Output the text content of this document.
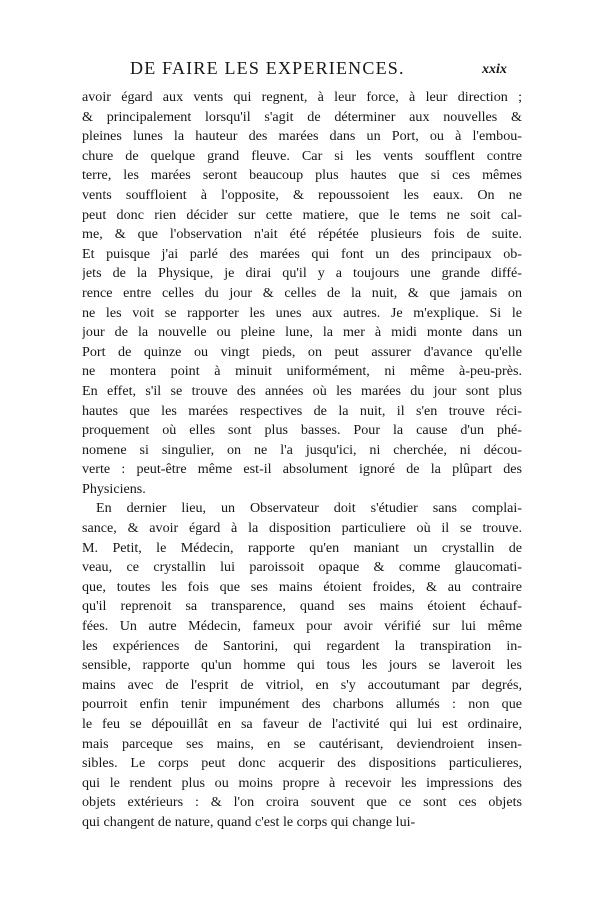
DE FAIRE LES EXPERIENCES.	xxix
avoir égard aux vents qui regnent, à leur force, à leur direction ;
& principalement lorsqu'il s'agit de déterminer aux nouvelles &
pleines lunes la hauteur des marées dans un Port, ou à l'embou-
chure de quelque grand fleuve. Car si les vents soufflent contre
terre, les marées seront beaucoup plus hautes que si ces mêmes
vents souffloient à l'opposite, & repoussoient les eaux. On ne
peut donc rien décider sur cette matiere, que le tems ne soit cal-
me, & que l'observation n'ait été répétée plusieurs fois de suite.
Et puisque j'ai parlé des marées qui font un des principaux ob-
jets de la Physique, je dirai qu'il y a toujours une grande diffé-
rence entre celles du jour & celles de la nuit, & que jamais on
ne les voit se rapporter les unes aux autres. Je m'explique. Si le
jour de la nouvelle ou pleine lune, la mer à midi monte dans un
Port de quinze ou vingt pieds, on peut assurer d'avance qu'elle
ne montera point à minuit uniformément, ni même à-peu-près.
En effet, s'il se trouve des années où les marées du jour sont plus
hautes que les marées respectives de la nuit, il s'en trouve réci-
proquement où elles sont plus basses. Pour la cause d'un phé-
nomene si singulier, on ne l'a jusqu'ici, ni cherchée, ni décou-
verte : peut-être même est-il absolument ignoré de la plûpart des
Physiciens.
En dernier lieu, un Observateur doit s'étudier sans complai-
sance, & avoir égard à la disposition particuliere où il se trouve.
M. Petit, le Médecin, rapporte qu'en maniant un crystallin de
veau, ce crystallin lui paroissoit opaque & comme glaucomati-
que, toutes les fois que ses mains étoient froides, & au contraire
qu'il reprenoit sa transparence, quand ses mains étoient échauf-
fées. Un autre Médecin, fameux pour avoir vérifié sur lui même
les expériences de Santorini, qui regardent la transpiration in-
sensible, rapporte qu'un homme qui tous les jours se laveroit les
mains avec de l'esprit de vitriol, en s'y accoutumant par degrés,
pourroit enfin tenir impunément des charbons allumés : non que
le feu se dépouillât en sa faveur de l'activité qui lui est ordinaire,
mais parceque ses mains, en se cautérisant, deviendroient insen-
sibles. Le corps peut donc acquerir des dispositions particulieres,
qui le rendent plus ou moins propre à recevoir les impressions des
objets extérieurs : & l'on croira souvent que ce sont ces objets
qui changent de nature, quand c'est le corps qui change lui-
